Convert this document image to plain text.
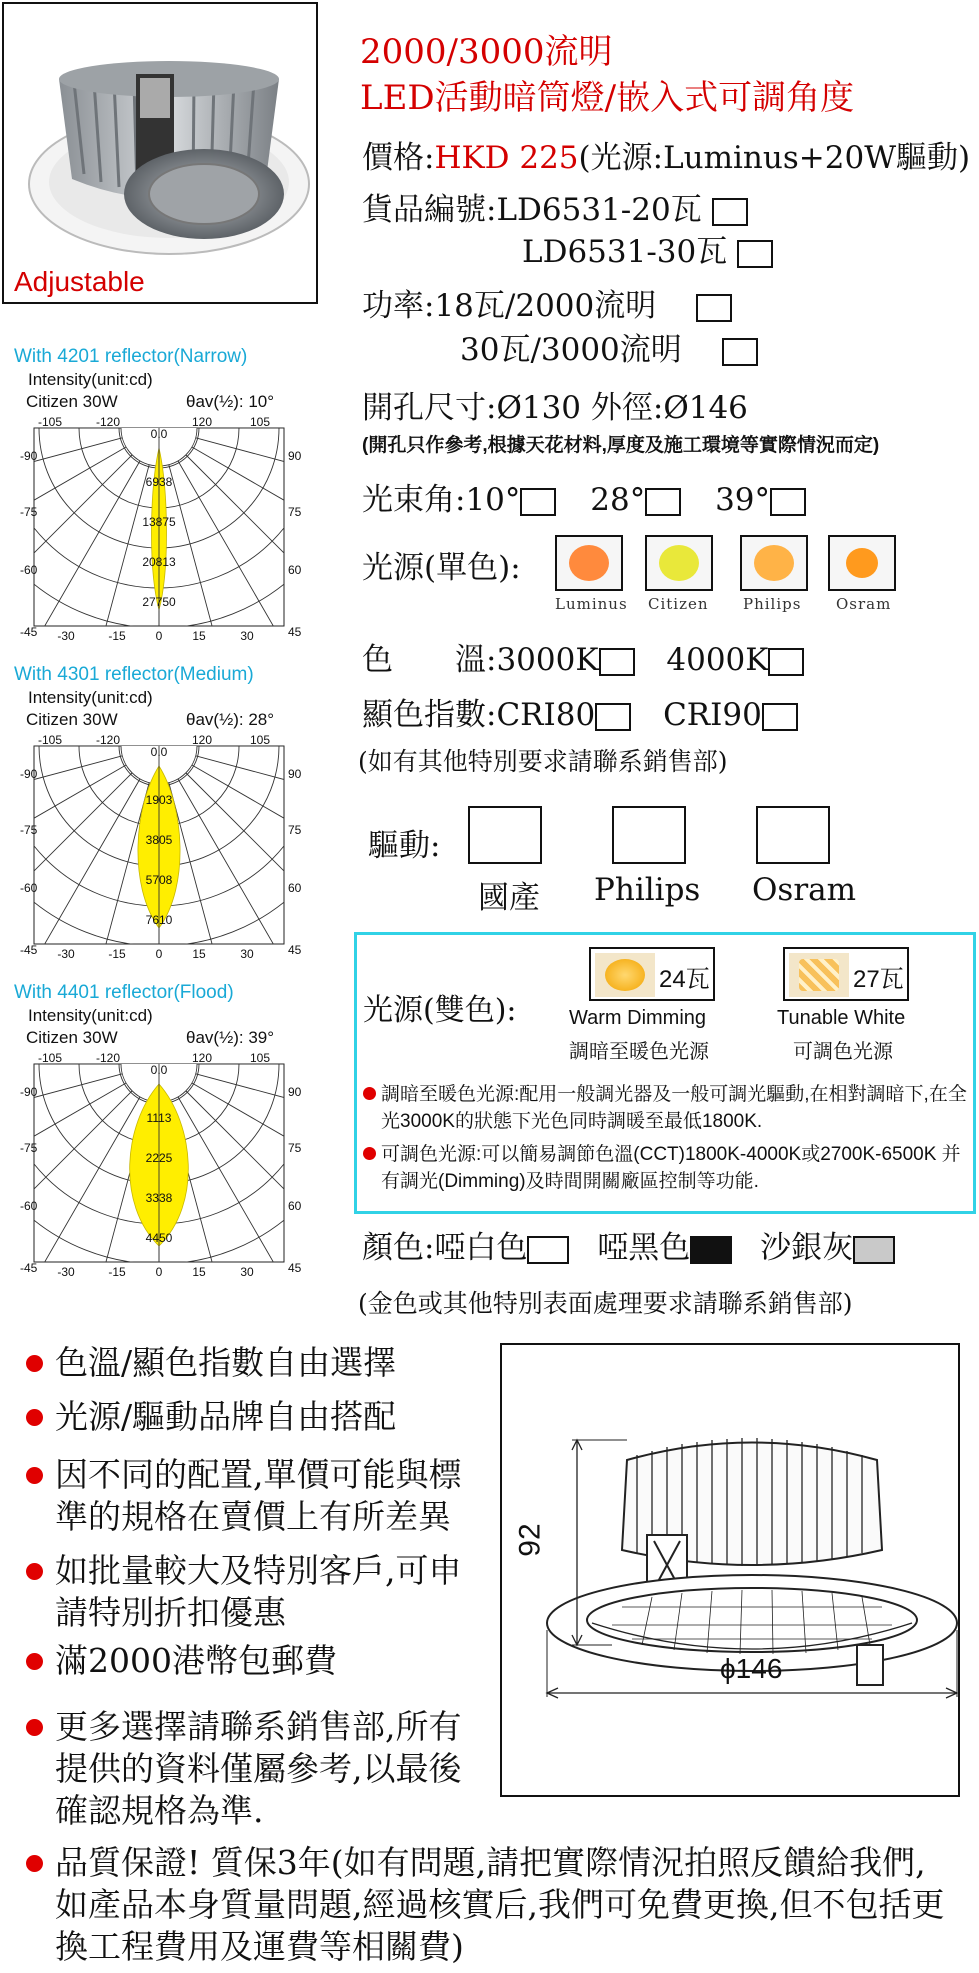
Adjustable
2000/3000流明
LED活動暗筒燈/嵌入式可調角度
價格:HKD 225(光源:Luminus+20W驅動)
貨品編號:LD6531-20瓦
LD6531-30瓦
功率:18瓦/2000流明
30瓦/3000流明
開孔尺寸:Ø130 外徑:Ø146
(開孔只作參考,根據天花材料,厚度及施工環境等實際情況而定)
光束角:10° 28° 39°
光源(單色):
Luminus Citizen Philips Osram
色　　溫:3000K 4000K
顯色指數:CRI80 CRI90
(如有其他特別要求請聯系銷售部)
驅動:
國產 Philips Osram
光源(雙色):
24瓦
Warm Dimming
調暗至暖色光源
27瓦
Tunable White
可調色光源
調暗至暖色光源:配用一般調光器及一般可調光驅動,在相對調暗下,在全光3000K的狀態下光色同時調暖至最低1800K.
可調色光源:可以簡易調節色溫(CCT)1800K-4000K或2700K-6500K 并有調光(Dimming)及時間開關廠區控制等功能.
顏色:啞白色 啞黑色 沙銀灰
(金色或其他特別表面處理要求請聯系銷售部)
With 4201 reflector(Narrow)
Intensity(unit:cd)
Citizen 30W	θav(½): 10°
0.0
6938
13875
20813
27750
-105	-120	120	105
-90
-75
-60
-45
90
75
60
45
-30	-15 0 15	30
With 4301 reflector(Medium)
Intensity(unit:cd)
Citizen 30W	θav(½): 28°
0.0
1903
3805
5708
7610
-105	-120	120	105
-90
-75
-60
-45
90
75
60
45
-30	-15 0 15	30
With 4401 reflector(Flood)
Intensity(unit:cd)
Citizen 30W	θav(½): 39°
0.0
1113
2225
3338
4450
-105	-120	120	105
-90
-75
-60
-45
90
75
60
45
-30	-15 0 15	30
色溫/顯色指數自由選擇
光源/驅動品牌自由搭配
因不同的配置,單價可能與標準的規格在賣價上有所差異
如批量較大及特別客戶,可申請特別折扣優惠
滿2000港幣包郵費
更多選擇請聯系銷售部,所有提供的資料僅屬參考,以最後確認規格為準.
品質保證! 質保3年(如有問題,請把實際情況拍照反饋給我們,如產品本身質量問題,經過核實后,我們可免費更換,但不包括更換工程費用及運費等相關費)
92
ϕ146
